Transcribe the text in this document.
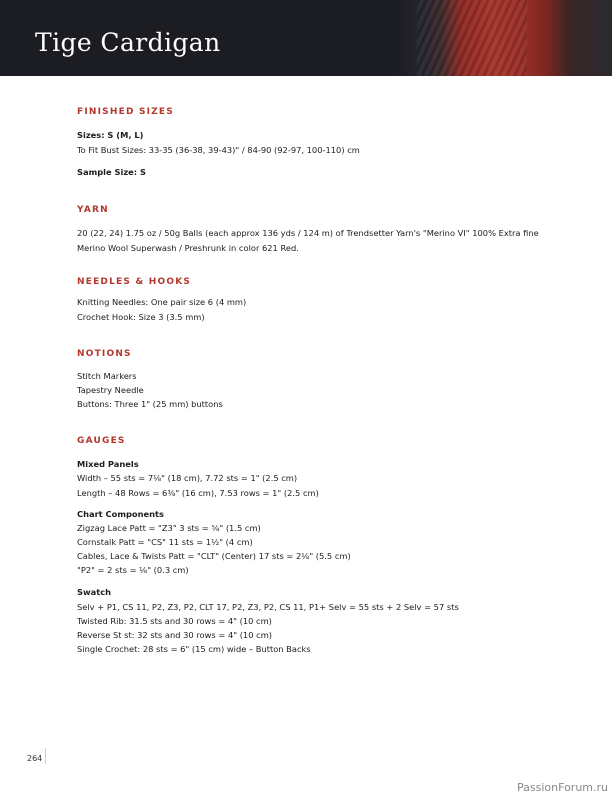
Tige Cardigan
FINISHED SIZES
Sizes: S (M, L)
To Fit Bust Sizes: 33-35 (36-38, 39-43)" / 84-90 (92-97, 100-110) cm
Sample Size: S
YARN
20 (22, 24) 1.75 oz / 50g Balls (each approx 136 yds / 124 m) of Trendsetter Yarn's "Merino VI" 100% Extra fine Merino Wool Superwash / Preshrunk in color 621 Red.
NEEDLES & HOOKS
Knitting Needles: One pair size 6 (4 mm)
Crochet Hook: Size 3 (3.5 mm)
NOTIONS
Stitch Markers
Tapestry Needle
Buttons: Three 1" (25 mm) buttons
GAUGES
Mixed Panels
Width – 55 sts = 7⅛" (18 cm), 7.72 sts = 1" (2.5 cm)
Length – 48 Rows = 6⅜" (16 cm), 7.53 rows = 1" (2.5 cm)
Chart Components
Zigzag Lace Patt = "Z3" 3 sts = ⅝" (1.5 cm)
Cornstalk Patt = "CS" 11 sts = 1½" (4 cm)
Cables, Lace & Twists Patt = "CLT" (Center) 17 sts = 2⅛" (5.5 cm)
"P2" = 2 sts = ⅛" (0.3 cm)
Swatch
Selv + P1, CS 11, P2, Z3, P2, CLT 17, P2, Z3, P2, CS 11, P1+ Selv = 55 sts + 2 Selv = 57 sts
Twisted Rib: 31.5 sts and 30 rows = 4" (10 cm)
Reverse St st: 32 sts and 30 rows = 4" (10 cm)
Single Crochet: 28 sts = 6" (15 cm) wide – Button Backs
264
PassionForum.ru
